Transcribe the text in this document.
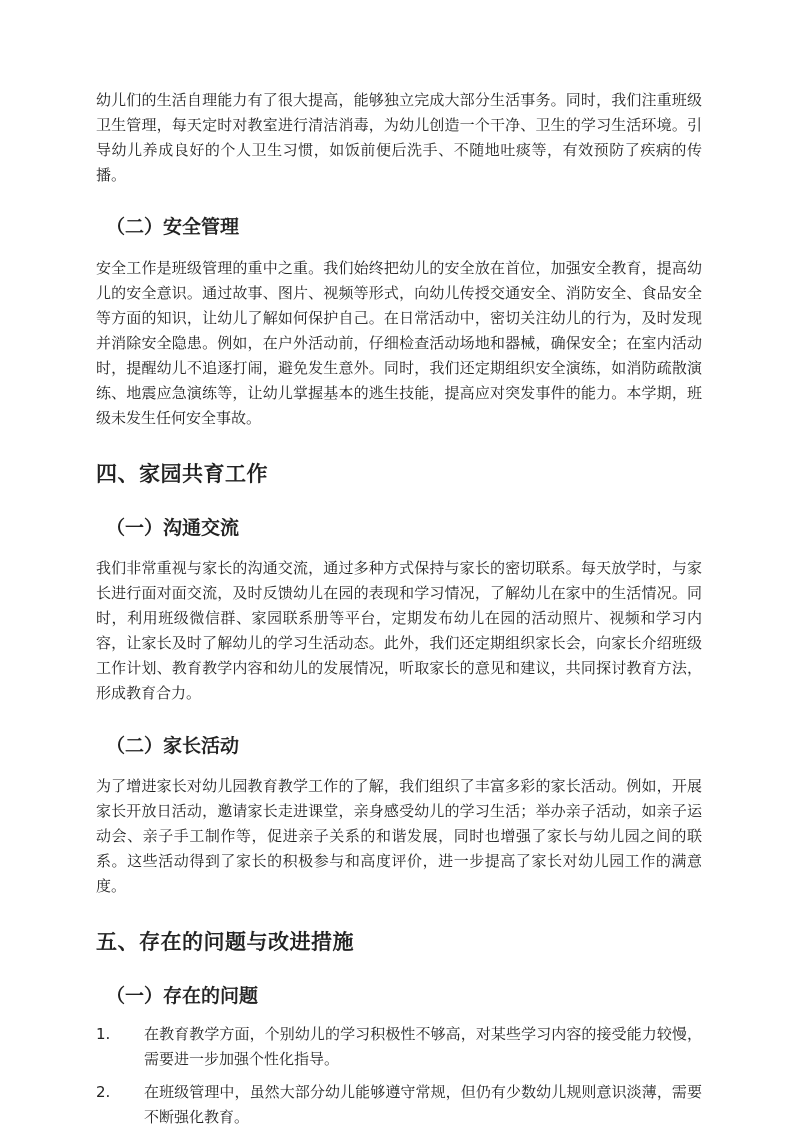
幼儿们的生活自理能力有了很大提高，能够独立完成大部分生活事务。同时，我们注重班级卫生管理，每天定时对教室进行清洁消毒，为幼儿创造一个干净、卫生的学习生活环境。引导幼儿养成良好的个人卫生习惯，如饭前便后洗手、不随地吐痰等，有效预防了疾病的传播。

（二）安全管理

安全工作是班级管理的重中之重。我们始终把幼儿的安全放在首位，加强安全教育，提高幼儿的安全意识。通过故事、图片、视频等形式，向幼儿传授交通安全、消防安全、食品安全等方面的知识，让幼儿了解如何保护自己。在日常活动中，密切关注幼儿的行为，及时发现并消除安全隐患。例如，在户外活动前，仔细检查活动场地和器械，确保安全；在室内活动时，提醒幼儿不追逐打闹，避免发生意外。同时，我们还定期组织安全演练，如消防疏散演练、地震应急演练等，让幼儿掌握基本的逃生技能，提高应对突发事件的能力。本学期，班级未发生任何安全事故。

四、家园共育工作
（一）沟通交流

我们非常重视与家长的沟通交流，通过多种方式保持与家长的密切联系。每天放学时，与家长进行面对面交流，及时反馈幼儿在园的表现和学习情况，了解幼儿在家中的生活情况。同时，利用班级微信群、家园联系册等平台，定期发布幼儿在园的活动照片、视频和学习内容，让家长及时了解幼儿的学习生活动态。此外，我们还定期组织家长会，向家长介绍班级工作计划、教育教学内容和幼儿的发展情况，听取家长的意见和建议，共同探讨教育方法，形成教育合力。

（二）家长活动

为了增进家长对幼儿园教育教学工作的了解，我们组织了丰富多彩的家长活动。例如，开展家长开放日活动，邀请家长走进课堂，亲身感受幼儿的学习生活；举办亲子活动，如亲子运动会、亲子手工制作等，促进亲子关系的和谐发展，同时也增强了家长与幼儿园之间的联系。这些活动得到了家长的积极参与和高度评价，进一步提高了家长对幼儿园工作的满意度。

五、存在的问题与改进措施
（一）存在的问题
1. 在教育教学方面，个别幼儿的学习积极性不够高，对某些学习内容的接受能力较慢，需要进一步加强个性化指导。
2. 在班级管理中，虽然大部分幼儿能够遵守常规，但仍有少数幼儿规则意识淡薄，需要不断强化教育。
